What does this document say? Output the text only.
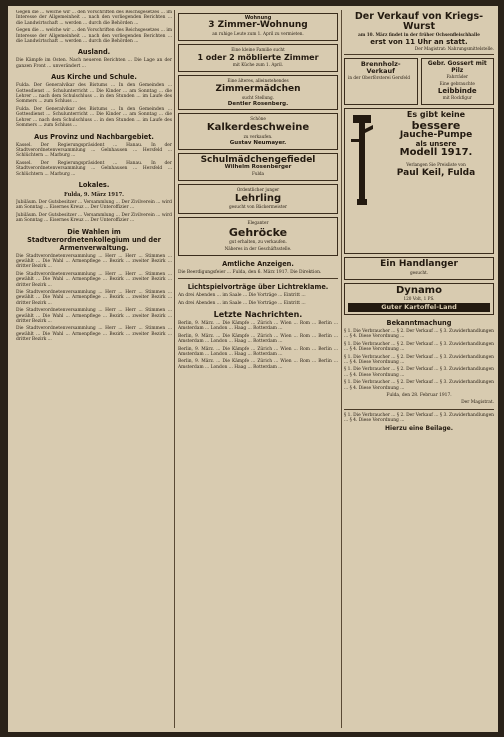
Gegen die ... welche wir ... den Vorschriften des Reichsgesetzes ... im Interesse der Allgemeinheit ... nach den vorliegenden Berichten ... die Landwirtschaft ... werden ... durch die Behörden ...

Gegen die ... welche wir ... den Vorschriften des Reichsgesetzes ... im Interesse der Allgemeinheit ... nach den vorliegenden Berichten ... die Landwirtschaft ... werden ... durch die Behörden ...

Ausland.

Die Kämpfe im Osten. Nach neueren Berichten ... Die Lage an der ganzen Front ... unverändert ...

Aus Kirche und Schule.

Fulda. Der Generalvikar des Bistums ... In den Gemeinden ... Gottesdienst ... Schulunterricht ... Die Kinder ... am Sonntag ... die Lehrer ... nach dem Schulschluss ... in den Stunden ... im Laufe des Sommers ... zum Schluss ...

Fulda. Der Generalvikar des Bistums ... In den Gemeinden ... Gottesdienst ... Schulunterricht ... Die Kinder ... am Sonntag ... die Lehrer ... nach dem Schulschluss ... in den Stunden ... im Laufe des Sommers ... zum Schluss ...

Aus Provinz und Nachbargebiet.

Kassel. Der Regierungspräsident ... Hanau. In der Stadtverordnetenversammlung ... Gelnhausen ... Hersfeld ... Schlüchtern ... Marburg ...

Kassel. Der Regierungspräsident ... Hanau. In der Stadtverordnetenversammlung ... Gelnhausen ... Hersfeld ... Schlüchtern ... Marburg ...

Lokales.
Fulda, 9. März 1917.

Jubiläum. Der Gutsbesitzer ... Versammlung ... Der Zivilverein ... wird am Sonntag ... Eisernes Kreuz ... Der Unteroffizier ...

Jubiläum. Der Gutsbesitzer ... Versammlung ... Der Zivilverein ... wird am Sonntag ... Eisernes Kreuz ... Der Unteroffizier ...

Die Wahlen im Stadtverordnetenkollegium und der Armenverwaltung.

Die Stadtverordnetenversammlung ... Herr ... Herr ... Stimmen ... gewählt ... Die Wahl ... Armenpflege ... Bezirk ... zweiter Bezirk ... dritter Bezirk ...

Die Stadtverordnetenversammlung ... Herr ... Herr ... Stimmen ... gewählt ... Die Wahl ... Armenpflege ... Bezirk ... zweiter Bezirk ... dritter Bezirk ...

Die Stadtverordnetenversammlung ... Herr ... Herr ... Stimmen ... gewählt ... Die Wahl ... Armenpflege ... Bezirk ... zweiter Bezirk ... dritter Bezirk ...

Die Stadtverordnetenversammlung ... Herr ... Herr ... Stimmen ... gewählt ... Die Wahl ... Armenpflege ... Bezirk ... zweiter Bezirk ... dritter Bezirk ...

Die Stadtverordnetenversammlung ... Herr ... Herr ... Stimmen ... gewählt ... Die Wahl ... Armenpflege ... Bezirk ... zweiter Bezirk ... dritter Bezirk ...

Wohnung
3 Zimmer-Wohnung

an ruhige Leute zum 1. April zu vermieten.

Eine kleine Familie sucht

1 oder 2 möblierte Zimmer

mit Küche zum 1. April.

Eine älteres, alleinstehendes

Zimmermädchen

sucht Stellung.

Dentler Rosenberg.

Schöne

Kalkerdeschweine

zu verkaufen.

Gustav Neumayer.
Schulmädchengefiedel
Wilhelm Rosenberger

Fulda

Ordentlicher junger

Lehrling

gesucht von Bäckermeister

Eleganter

Gehröcke

gut erhalten, zu verkaufen.

Näheres in der Geschäftsstelle.

Amtliche Anzeigen.

Die Beerdigungsfeier ... Fulda, den 6. März 1917. Die Direktion.

Lichtspielvorträge über Lichtreklame.

An drei Abenden ... im Saale ... Die Vorträge ... Eintritt ...

An drei Abenden ... im Saale ... Die Vorträge ... Eintritt ...

Letzte Nachrichten.

Berlin, 9. März. ... Die Kämpfe ... Zürich ... Wien ... Rom ... Berlin ... Amsterdam ... London ... Haag ... Rotterdam ...

Berlin, 9. März. ... Die Kämpfe ... Zürich ... Wien ... Rom ... Berlin ... Amsterdam ... London ... Haag ... Rotterdam ...

Berlin, 9. März. ... Die Kämpfe ... Zürich ... Wien ... Rom ... Berlin ... Amsterdam ... London ... Haag ... Rotterdam ...

Berlin, 9. März. ... Die Kämpfe ... Zürich ... Wien ... Rom ... Berlin ... Amsterdam ... London ... Haag ... Rotterdam ...

Der Verkauf von Kriegs-Wurst

am 10. März findet in der früher Ochsenfleischhalle

erst von 11 Uhr an statt.

Der Magistrat: Nahrungsmittelstelle.

Brennholz-Verkauf

in der Oberförsterei Gersfeld

Gebr. Gossert mit Pilz

Fahrräder

Eine gebrauchte

Leibbinde

mit Rockfigur

Es gibt keine
bessere
Jauche-Pumpe
als unsere
Modell 1917.

Verlangen Sie Preisliste von

Paul Keil, Fulda
Ein Handlanger

gesucht.

Dynamo

120 Volt, 1 PS.

Guter Kartoffel-Land
Bekanntmachung

§ 1. Die Verbraucher ... § 2. Der Verkauf ... § 3. Zuwiderhandlungen ... § 4. Diese Verordnung ...

§ 1. Die Verbraucher ... § 2. Der Verkauf ... § 3. Zuwiderhandlungen ... § 4. Diese Verordnung ...

§ 1. Die Verbraucher ... § 2. Der Verkauf ... § 3. Zuwiderhandlungen ... § 4. Diese Verordnung ...

§ 1. Die Verbraucher ... § 2. Der Verkauf ... § 3. Zuwiderhandlungen ... § 4. Diese Verordnung ...

§ 1. Die Verbraucher ... § 2. Der Verkauf ... § 3. Zuwiderhandlungen ... § 4. Diese Verordnung ...

Fulda, den 28. Februar 1917.

Der Magistrat.

§ 1. Die Verbraucher ... § 2. Der Verkauf ... § 3. Zuwiderhandlungen ... § 4. Diese Verordnung ...

Hierzu eine Beilage.
